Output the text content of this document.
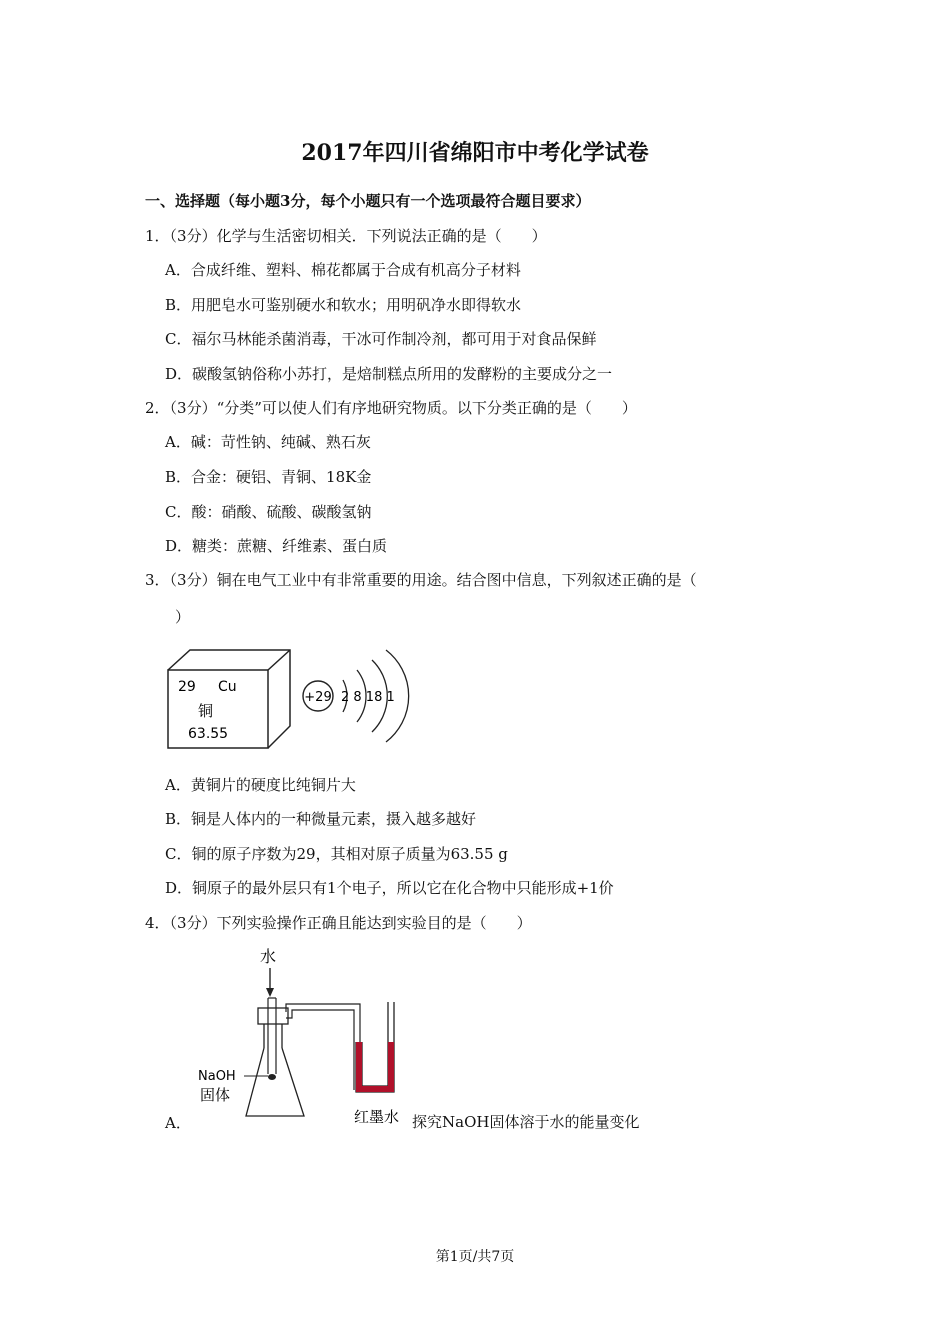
2017年四川省绵阳市中考化学试卷
一、选择题（每小题3分，每个小题只有一个选项最符合题目要求）
1．（3分）化学与生活密切相关．下列说法正确的是（　　）
A．合成纤维、塑料、棉花都属于合成有机高分子材料
B．用肥皂水可鉴别硬水和软水；用明矾净水即得软水
C．福尔马林能杀菌消毒，干冰可作制冷剂，都可用于对食品保鲜
D．碳酸氢钠俗称小苏打，是焙制糕点所用的发酵粉的主要成分之一
2．（3分）“分类”可以使人们有序地研究物质。以下分类正确的是（　　）
A．碱：苛性钠、纯碱、熟石灰
B．合金：硬铝、青铜、18K金
C．酸：硝酸、硫酸、碳酸氢钠
D．糖类：蔗糖、纤维素、蛋白质
3．（3分）铜在电气工业中有非常重要的用途。结合图中信息，下列叙述正确的是（
）
29 Cu
铜
63.55
+29 2 8 18 1
A．黄铜片的硬度比纯铜片大
B．铜是人体内的一种微量元素，摄入越多越好
C．铜的原子序数为29，其相对原子质量为63.55 g
D．铜原子的最外层只有1个电子，所以它在化合物中只能形成+1价
4．（3分）下列实验操作正确且能达到实验目的是（　　）
水
NaOH
固体
红墨水
A．	探究NaOH固体溶于水的能量变化
第1页/共7页
